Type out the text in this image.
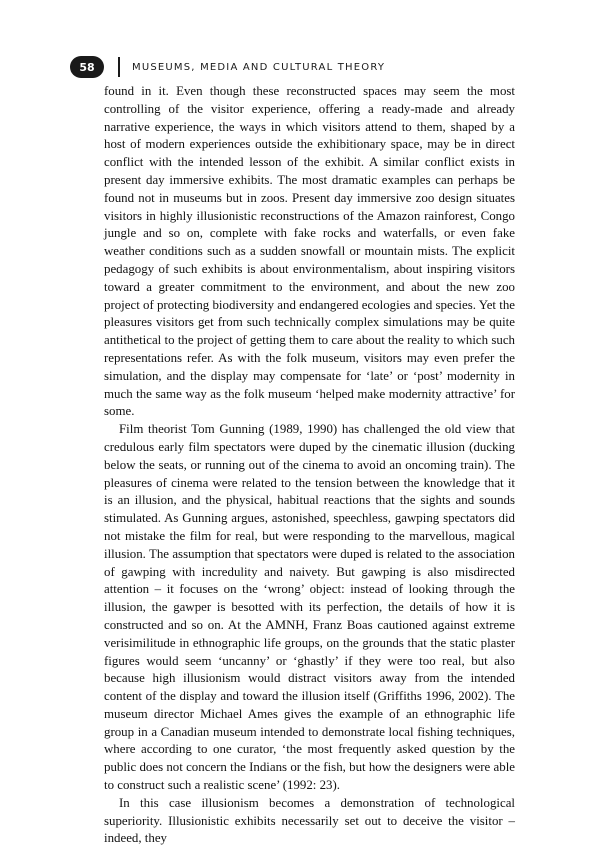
58	MUSEUMS, MEDIA AND CULTURAL THEORY

found in it. Even though these reconstructed spaces may seem the most controlling of the visitor experience, offering a ready-made and already narrative experience, the ways in which visitors attend to them, shaped by a host of modern experiences outside the exhibitionary space, may be in direct conflict with the intended lesson of the exhibit. A similar conflict exists in present day immersive exhibits. The most dramatic examples can perhaps be found not in museums but in zoos. Present day immersive zoo design situates visitors in highly illusionistic reconstructions of the Amazon rainforest, Congo jungle and so on, complete with fake rocks and waterfalls, or even fake weather conditions such as a sudden snowfall or mountain mists. The explicit pedagogy of such exhibits is about environmentalism, about inspiring visitors toward a greater commitment to the environment, and about the new zoo project of protecting biodiversity and endangered ecologies and species. Yet the pleasures visitors get from such technically complex simulations may be quite antithetical to the project of getting them to care about the reality to which such representations refer. As with the folk museum, visitors may even prefer the simulation, and the display may compensate for ‘late’ or ‘post’ modernity in much the same way as the folk museum ‘helped make modernity attractive’ for some.

Film theorist Tom Gunning (1989, 1990) has challenged the old view that credulous early film spectators were duped by the cinematic illusion (ducking below the seats, or running out of the cinema to avoid an oncoming train). The pleasures of cinema were related to the tension between the knowledge that it is an illusion, and the physical, habitual reactions that the sights and sounds stimulated. As Gunning argues, astonished, speechless, gawping spectators did not mistake the film for real, but were responding to the marvellous, magical illusion. The assumption that spectators were duped is related to the association of gawping with incredulity and naivety. But gawping is also misdirected attention – it focuses on the ‘wrong’ object: instead of looking through the illusion, the gawper is besotted with its perfection, the details of how it is constructed and so on. At the AMNH, Franz Boas cautioned against extreme verisimilitude in ethnographic life groups, on the grounds that the static plaster figures would seem ‘uncanny’ or ‘ghastly’ if they were too real, but also because high illusionism would distract visitors away from the intended content of the display and toward the illusion itself (Griffiths 1996, 2002). The museum director Michael Ames gives the example of an ethnographic life group in a Canadian museum intended to demonstrate local fishing techniques, where according to one curator, ‘the most frequently asked question by the public does not concern the Indians or the fish, but how the designers were able to construct such a realistic scene’ (1992: 23).

In this case illusionism becomes a demonstration of technological superiority. Illusionistic exhibits necessarily set out to deceive the visitor – indeed, they
